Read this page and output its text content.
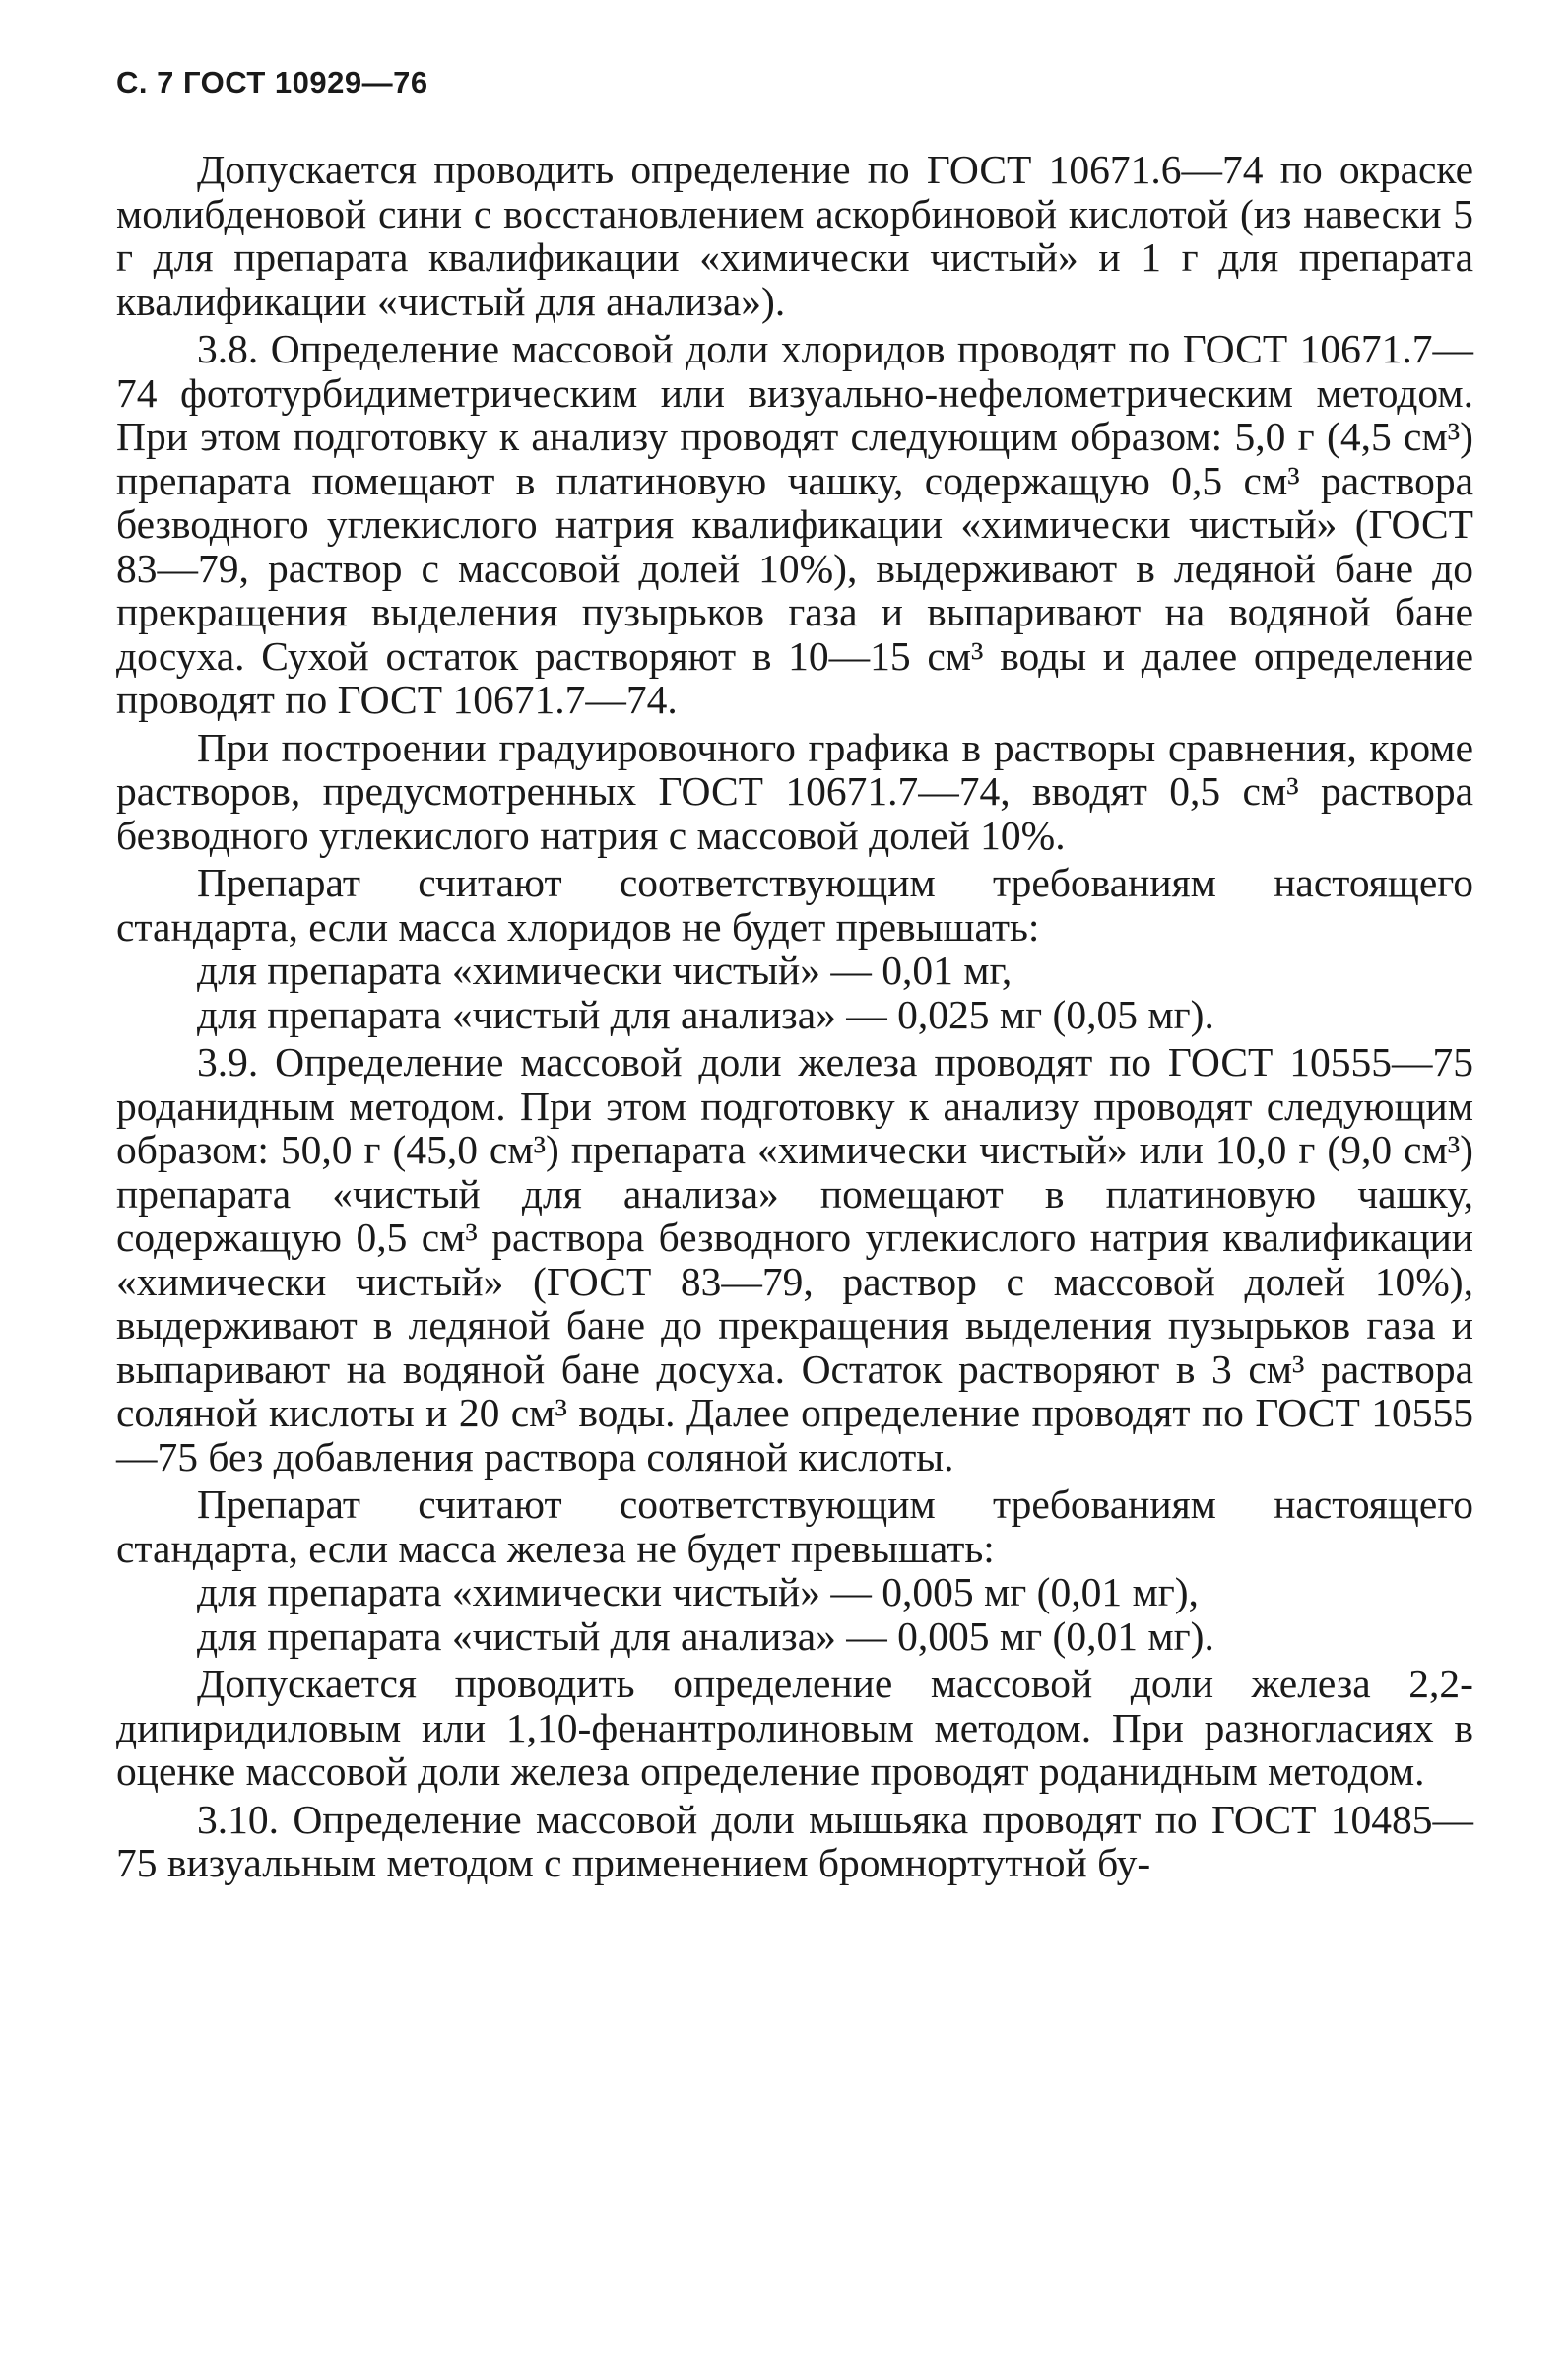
С. 7 ГОСТ 10929—76

Допускается проводить определение по ГОСТ 10671.6—74 по окраске молибденовой сини с восстановлением аскорбиновой кислотой (из навески 5 г для препарата квалификации «химически чистый» и 1 г для препарата квалификации «чистый для анализа»).

3.8. Определение массовой доли хлоридов проводят по ГОСТ 10671.7—74 фототурбидиметрическим или визуально-нефелометрическим методом. При этом подготовку к анализу проводят следующим образом: 5,0 г (4,5 см³) препарата помещают в платиновую чашку, содержащую 0,5 см³ раствора безводного углекислого натрия квалификации «химически чистый» (ГОСТ 83—79, раствор с массовой долей 10%), выдерживают в ледяной бане до прекращения выделения пузырьков газа и выпаривают на водяной бане досуха. Сухой остаток растворяют в 10—15 см³ воды и далее определение проводят по ГОСТ 10671.7—74.

При построении градуировочного графика в растворы сравнения, кроме растворов, предусмотренных ГОСТ 10671.7—74, вводят 0,5 см³ раствора безводного углекислого натрия с массовой долей 10%.

Препарат считают соответствующим требованиям настоящего стандарта, если масса хлоридов не будет превышать:

для препарата «химически чистый» — 0,01 мг,
для препарата «чистый для анализа» — 0,025 мг (0,05 мг).

3.9. Определение массовой доли железа проводят по ГОСТ 10555—75 роданидным методом. При этом подготовку к анализу проводят следующим образом: 50,0 г (45,0 см³) препарата «химически чистый» или 10,0 г (9,0 см³) препарата «чистый для анализа» помещают в платиновую чашку, содержащую 0,5 см³ раствора безводного углекислого натрия квалификации «химически чистый» (ГОСТ 83—79, раствор с массовой долей 10%), выдерживают в ледяной бане до прекращения выделения пузырьков газа и выпаривают на водяной бане досуха. Остаток растворяют в 3 см³ раствора соляной кислоты и 20 см³ воды. Далее определение проводят по ГОСТ 10555—75 без добавления раствора соляной кислоты.

Препарат считают соответствующим требованиям настоящего стандарта, если масса железа не будет превышать:

для препарата «химически чистый» — 0,005 мг (0,01 мг),
для препарата «чистый для анализа» — 0,005 мг (0,01 мг).

Допускается проводить определение массовой доли железа 2,2-дипиридиловым или 1,10-фенантролиновым методом. При разногласиях в оценке массовой доли железа определение проводят роданидным методом.

3.10. Определение массовой доли мышьяка проводят по ГОСТ 10485—75 визуальным методом с применением бромнортутной бу-
